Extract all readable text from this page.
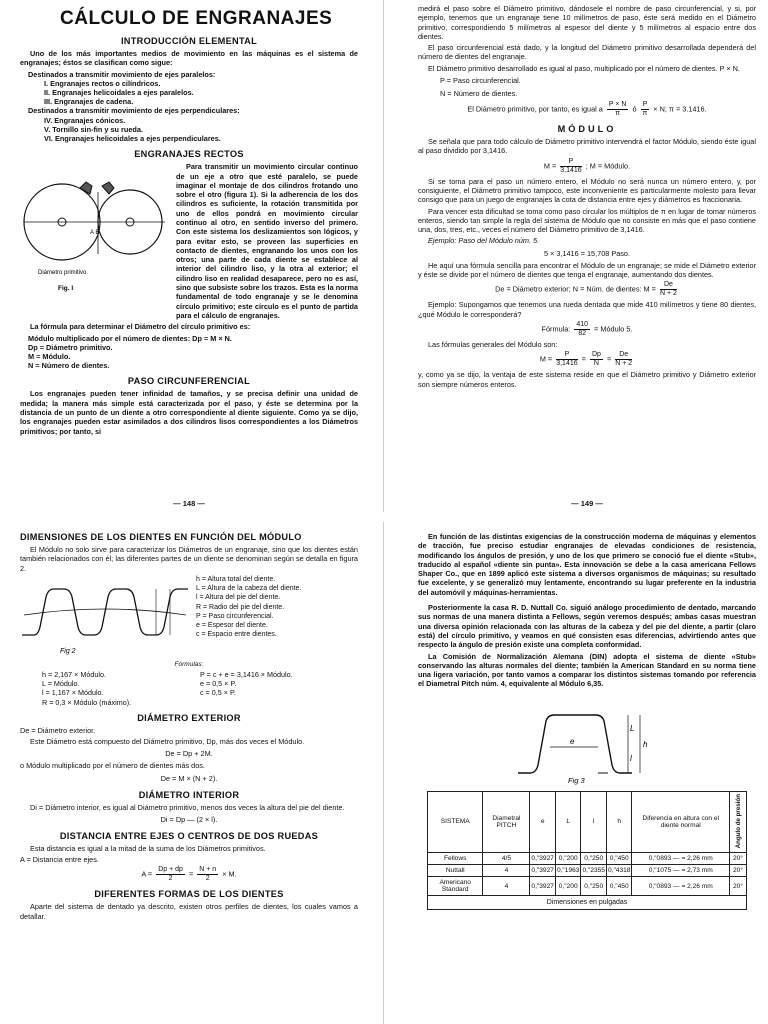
CÁLCULO DE ENGRANAJES
INTRODUCCIÓN ELEMENTAL

Uno de los más importantes medios de movimiento en las máquinas es el sistema de engranajes; éstos se clasifican como sigue:

Destinados a transmitir movimiento de ejes paralelos:
I. Engranajes rectos o cilíndricos.
II. Engranajes helicoidales a ejes paralelos.
III. Engranajes de cadena.
Destinados a transmitir movimiento de ejes perpendiculares:
IV. Engranajes cónicos.
V. Tornillo sin-fin y su rueda.
VI. Engranajes helicoidales a ejes perpendiculares.
ENGRANAJES RECTOS
A B
Diámetro primitivo
Fig. I

Para transmitir un movimiento circular continuo de un eje a otro que esté paralelo, se puede imaginar el montaje de dos cilindros frotando uno sobre el otro (figura 1). Si la adherencia de los dos cilindros es suficiente, la rotación transmitida por uno de ellos pondrá en movimiento circular continuo al otro, en sentido inverso del primero. Con este sistema los deslizamientos son lógicos, y para evitar esto, se proveen las superficies en contacto de dientes, engranando los unos con los otros; una parte de cada diente se establece al interior del cilindro liso, y la otra al exterior; el cilindro liso en realidad desaparece, pero no es así, sino que subsiste sobre los trazos. Esta es la norma fundamental de todo engranaje y se le denomina círculo primitivo; este círculo es el punto de partida para el cálculo de engranajes.

La fórmula para determinar el Diámetro del círculo primitivo es:

Módulo multiplicado por el número de dientes: Dp = M × N.
Dp = Diámetro primitivo.
M = Módulo.
N = Número de dientes.
PASO CIRCUNFERENCIAL

Los engranajes pueden tener infinidad de tamaños, y se precisa definir una unidad de medida; la manera más simple está caracterizada por el paso, y éste se determina por la distancia de un punto de un diente a otro correspondiente al diente siguiente. Como ya se dijo, los engranajes pueden estar asimilados a dos cilindros lisos correspondientes a los Diámetros primitivos; por tanto, si

— 148 —

medirá el paso sobre el Diámetro primitivo, dándosele el nombre de paso circunferencial, y si, por ejemplo, tenemos que un engranaje tiene 10 milímetros de paso, éste será medido en el Diámetro primitivo, correspondiendo 5 milímetros al espesor del diente y 5 milímetros al espacio entre dos dientes.

El paso circunferencial está dado, y la longitud del Diámetro primitivo desarrollada dependerá del número de dientes del engranaje.

El Diámetro primitivo desarrollado es igual al paso, multiplicado por el número de dientes. P × N.

P = Paso circunferencial.
N = Número de dientes.
El Diámetro primitivo, por tanto, es igual a $\frac{P \times N}{\pi}$ ó $\frac{P}{\pi} \times N$; π = 3.1416.
MÓDULO

Se señala que para todo cálculo de Diámetro primitivo intervendrá el factor Módulo, siendo éste igual al paso dividido por 3,1416.

$M = \frac{P}{3,1416}$ ; M = Módulo.

Si se toma para el paso un número entero, el Módulo no será nunca un número entero, y, por consiguiente, el Diámetro primitivo tampoco, este inconveniente es particularmente molesto para llevar consigo que para un juego de engranajes la cota de distancia entre ejes y diámetros es fraccionaria.

Para vencer esta dificultad se toma como paso circular los múltiplos de π en lugar de tomar números enteros, siendo tan simple la regla del sistema de Módulo que no consiste en más que el paso contiene una, dos, tres, etc., veces el número del Diámetro primitivo de 3,1416.

Ejemplo: Paso del Módulo núm. 5.

5 × 3,1416 = 15,708 Paso.

He aquí una fórmula sencilla para encontrar el Módulo de un engranaje; se mide el Diámetro exterior y éste se divide por el número de dientes que tenga el engranaje, aumentando dos dientes.

De = Diámetro exterior; N = Núm. de dientes: $M = \frac{De}{N + 2}$

Ejemplo: Supongamos que tenemos una rueda dentada que mide 410 milímetros y tiene 80 dientes, ¿qué Módulo le corresponderá?

Fórmula: $\frac{410}{82}$ = Módulo 5.

Las fórmulas generales del Módulo son:

$M = \frac{P}{3,1416} = \frac{Dp}{N} = \frac{De}{N + 2}$

y, como ya se dijo, la ventaja de este sistema reside en que el Diámetro primitivo y Diámetro exterior son siempre números enteros.

— 149 —
DIMENSIONES DE LOS DIENTES EN FUNCIÓN DEL MÓDULO

El Módulo no solo sirve para caracterizar los Diámetros de un engranaje, sino que los dientes están también relacionados con él; las diferentes partes de un diente se denominan según se detalla en figura 2.

Fig 2
h = Altura total del diente.
L = Altura de la cabeza del diente.
l = Altura del pie del diente.
R = Radio del pie del diente.
P = Paso circunferencial.
e = Espesor del diente.
c = Espacio entre dientes.
Fórmulas:
h = 2,167 × Módulo.	P = c + e = 3,1416 × Módulo.
L = Módulo.	e = 0,5 × P.
l = 1,167 × Módulo.	c = 0,5 × P.
R = 0,3 × Módulo (máximo).
DIÁMETRO EXTERIOR

De = Diámetro exterior.

Este Diámetro está compuesto del Diámetro primitivo, Dp, más dos veces el Módulo.

De = Dp + 2M.

o Módulo multiplicado por el número de dientes más dos.

De = M × (N + 2).
DIÁMETRO INTERIOR

Di = Diámetro interior, es igual al Diámetro primitivo, menos dos veces la altura del pie del diente.

Di = Dp — (2 × l).
DISTANCIA ENTRE EJES O CENTROS DE DOS RUEDAS

Esta distancia es igual a la mitad de la suma de los Diámetros primitivos.

A = Distancia entre ejes.

$A = \frac{Dp + dp}{2} = \frac{N + n}{2} \times M$.
DIFERENTES FORMAS DE LOS DIENTES

Aparte del sistema de dentado ya descrito, existen otros perfiles de dientes, los cuales vamos a detallar.

En función de las distintas exigencias de la construcción moderna de máquinas y elementos de tracción, fue preciso estudiar engranajes de elevadas condiciones de resistencia, modificando los ángulos de presión, y uno de los que primero se conoció fue el diente «Stub», traducido al español «diente sin punta». Esta innovación se debe a la casa americana Fellows Shaper Co., que en 1899 aplicó este sistema a diversos organismos de máquinas; su resultado fue excelente, y se generalizó muy lentamente, encontrando su lugar preferente en la industria del automóvil y máquinas-herramientas.

Posteriormente la casa R. D. Nuttall Co. siguió análogo procedimiento de dentado, marcando sus normas de una manera distinta a Fellows, según veremos después; ambas casas muestran una diversa opinión relacionada con las alturas de la cabeza y del pie del diente, a partir (claro está) del círculo primitivo, y veamos en qué consisten esas diferencias, advirtiendo antes que respecto la ángulo de presión existe una completa conformidad.

La Comisión de Normalización Alemana (DIN) adopta el sistema de diente «Stub» conservando las alturas normales del diente; también la American Standard en su norma tiene una ligera variación, por tanto vamos a comparar los distintos sistemas tomando por referencia el Diametral Pitch núm. 4, equivalente al Módulo 6,35.

e
L
l
h
Fig 3
SISTEMA	Diametral PITCH	e	L	l	h	Diferencia en altura con el diente normal	Ángulo de presión
Fellows	4/5	0,"3927	0,"200	0,"250	0,"450	0,"0893 — = 2,26 mm	20°
Nuttall	4	0,"3927	0,"1963	0,"2355	0,"4318	0,"1075 — = 2,73 mm	20°
Americano Standard	4	0,"3927	0,"200	0,"250	0,"450	0,"0893 — = 2,26 mm	20°
Dimensiones en pulgadas
